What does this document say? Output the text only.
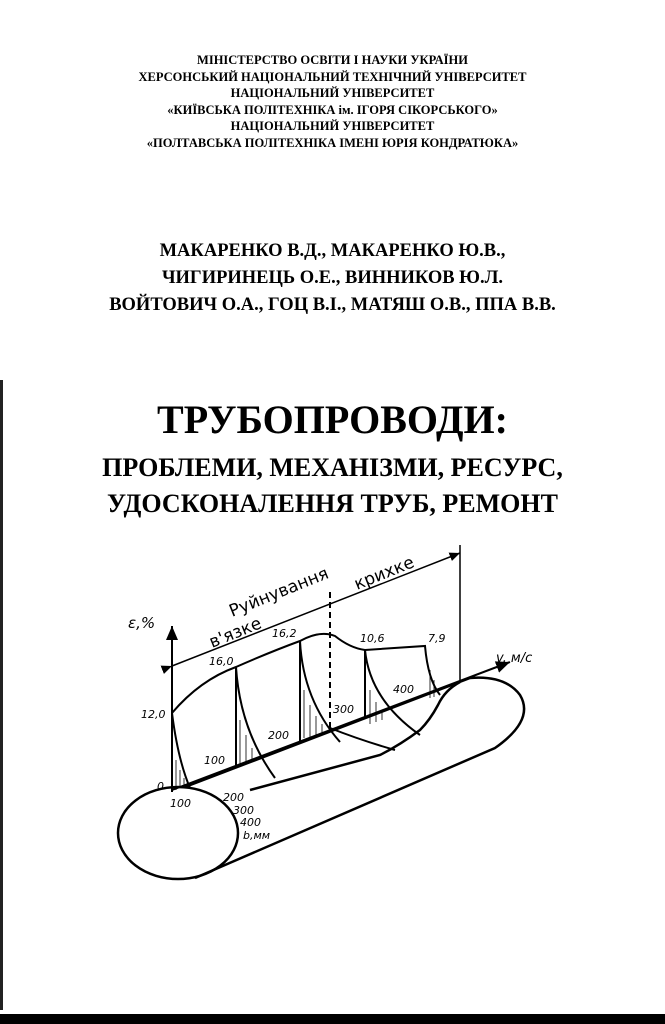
МІНІСТЕРСТВО ОСВІТИ І НАУКИ УКРАЇНИ
ХЕРСОНСЬКИЙ НАЦІОНАЛЬНИЙ ТЕХНІЧНИЙ УНІВЕРСИТЕТ
НАЦІОНАЛЬНИЙ УНІВЕРСИТЕТ
«КИЇВСЬКА ПОЛІТЕХНІКА ім. ІГОРЯ СІКОРСЬКОГО»
НАЦІОНАЛЬНИЙ УНІВЕРСИТЕТ
«ПОЛТАВСЬКА ПОЛІТЕХНІКА ІМЕНІ ЮРІЯ КОНДРАТЮКА»
МАКАРЕНКО В.Д., МАКАРЕНКО Ю.В.,
ЧИГИРИНЕЦЬ О.Е., ВИННИКОВ Ю.Л.
ВОЙТОВИЧ О.А., ГОЦ В.І., МАТЯШ О.В., ППА В.В.
ТРУБОПРОВОДИ:
ПРОБЛЕМИ, МЕХАНІЗМИ, РЕСУРС,
УДОСКОНАЛЕННЯ ТРУБ, РЕМОНТ
ε,%
v, м/с
b,мм
Руйнування
в'язке
крихке
12,0
16,0
16,2	10,6	7,9
0
100
200
300
400
100	200
300
400
